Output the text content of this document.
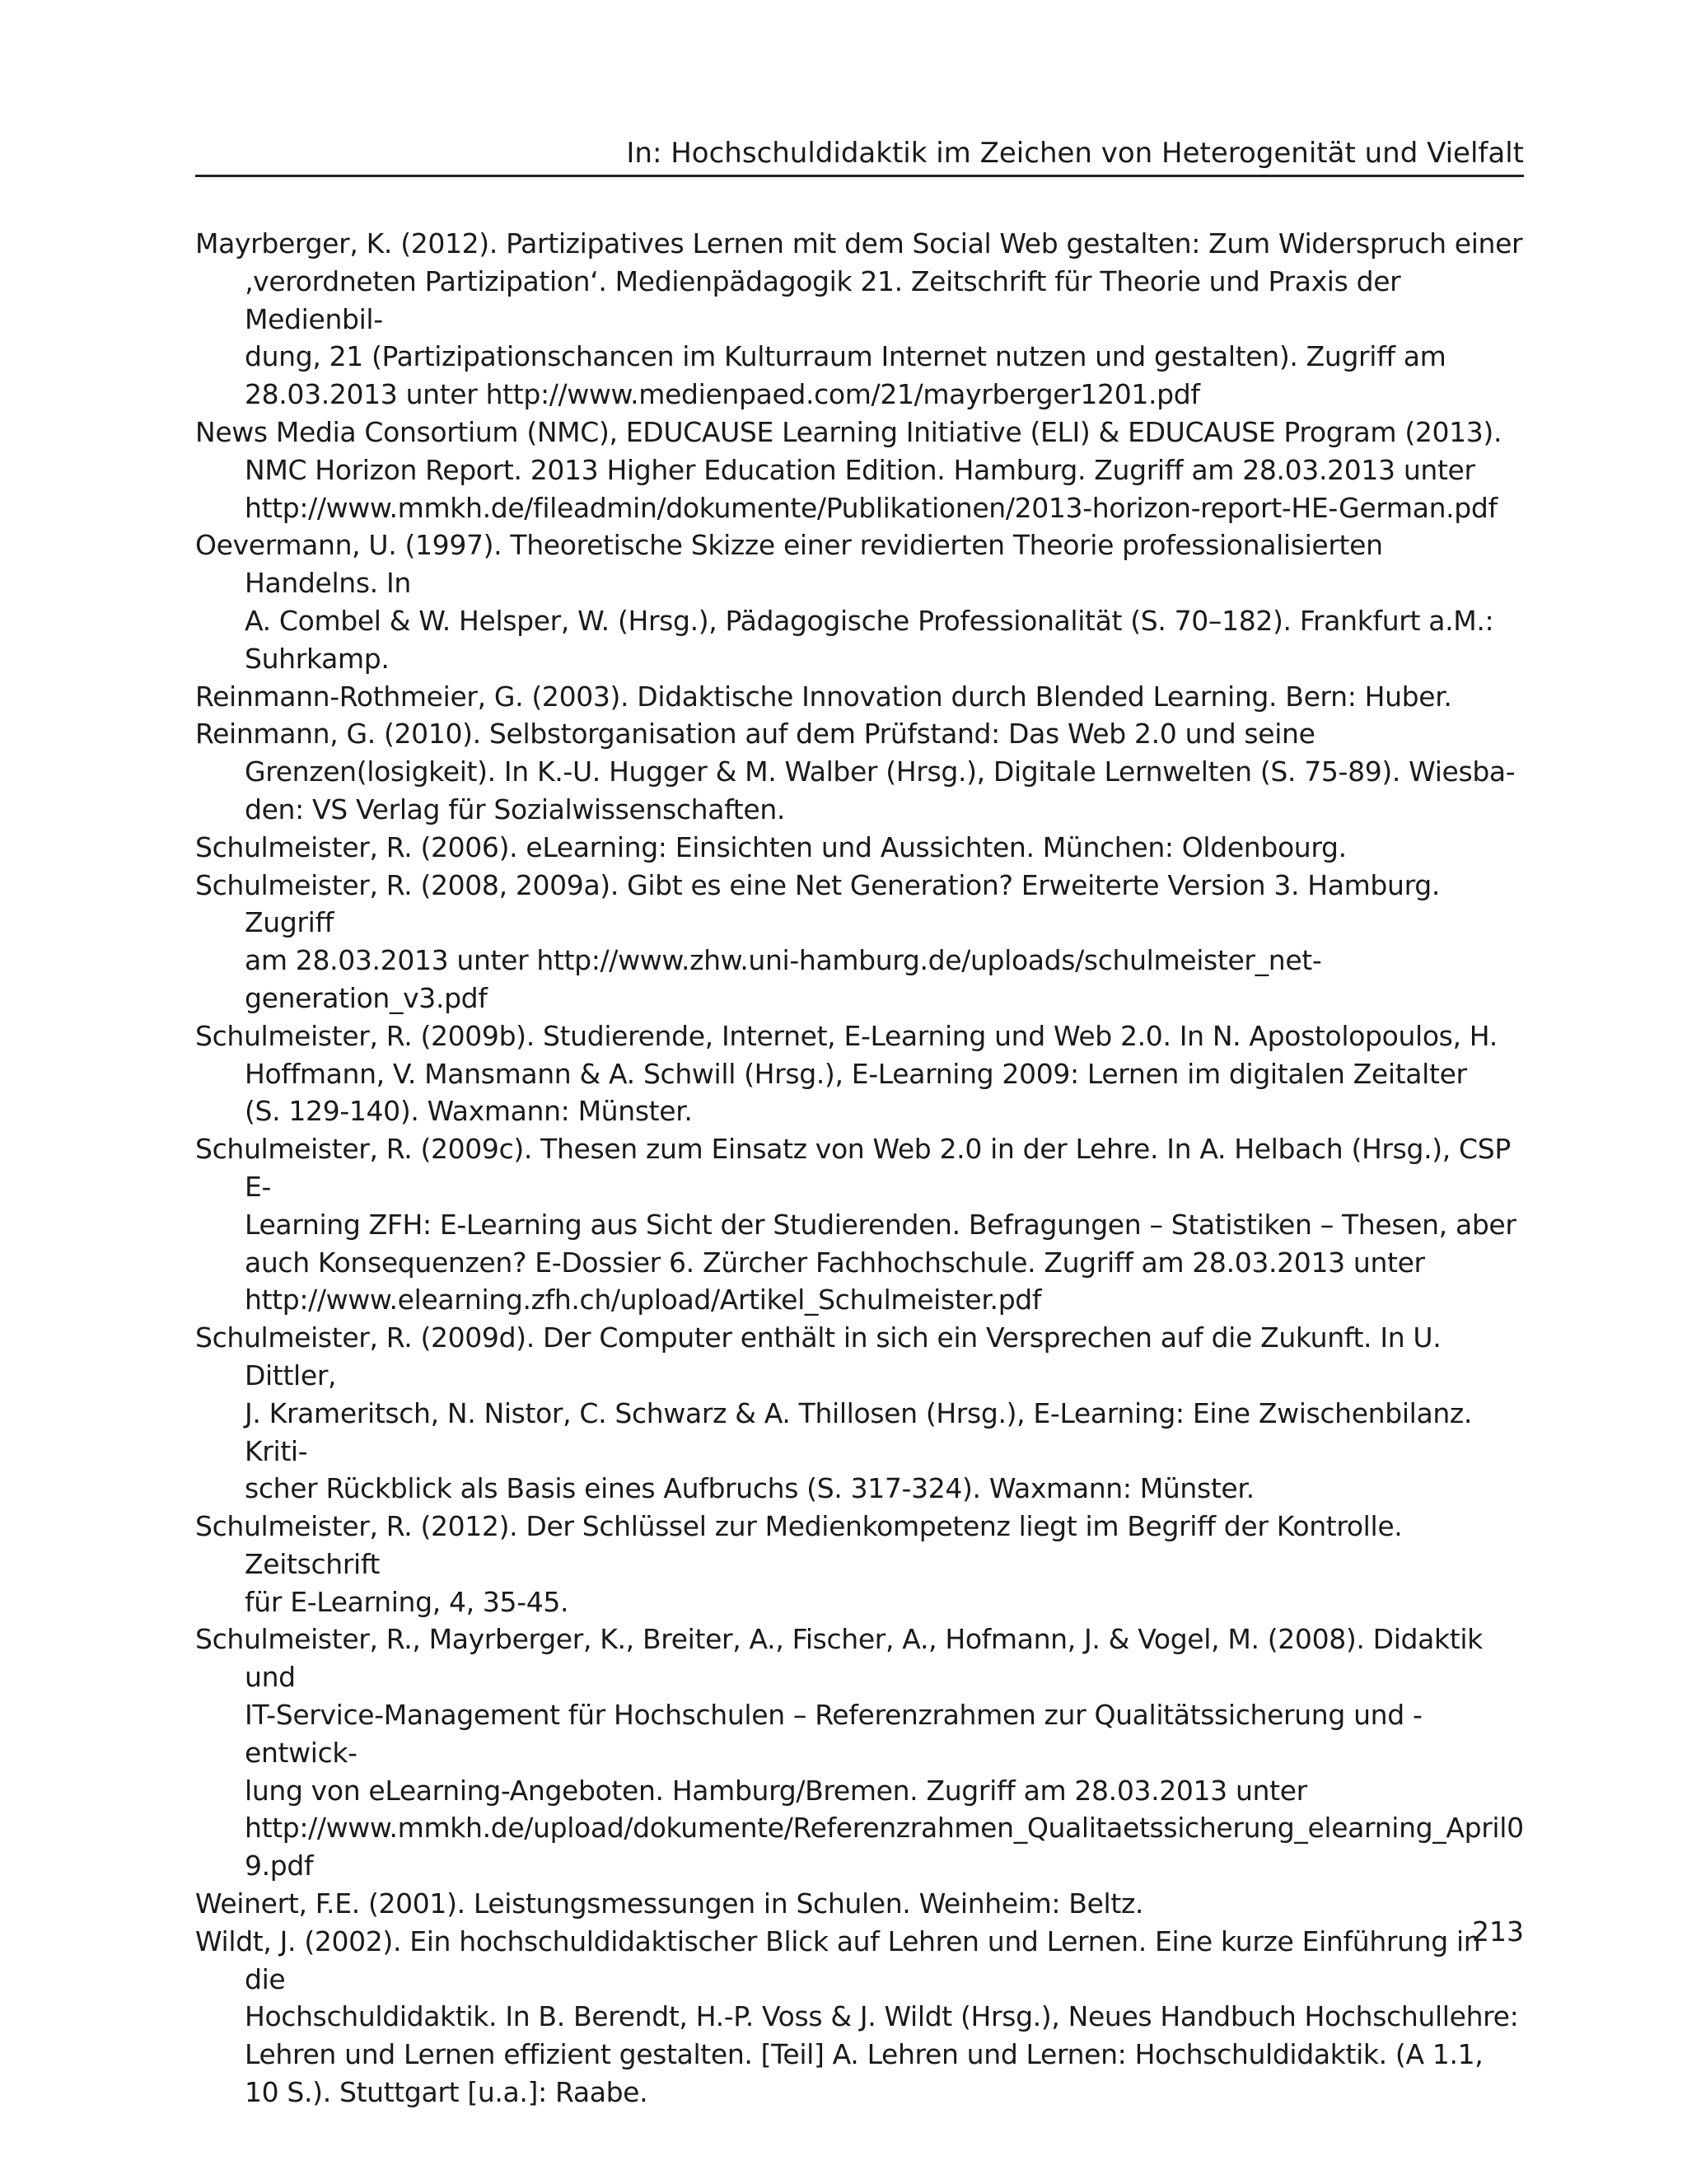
In: Hochschuldidaktik im Zeichen von Heterogenität und Vielfalt
Mayrberger, K. (2012). Partizipatives Lernen mit dem Social Web gestalten: Zum Widerspruch einer
‚verordneten Partizipation‘. Medienpädagogik 21. Zeitschrift für Theorie und Praxis der Medienbil-
dung, 21 (Partizipationschancen im Kulturraum Internet nutzen und gestalten). Zugriff am
28.03.2013 unter http://www.medienpaed.com/21/mayrberger1201.pdf
News Media Consortium (NMC), EDUCAUSE Learning Initiative (ELI) & EDUCAUSE Program (2013).
NMC Horizon Report. 2013 Higher Education Edition. Hamburg. Zugriff am 28.03.2013 unter
http://www.mmkh.de/fileadmin/dokumente/Publikationen/2013-horizon-report-HE-German.pdf
Oevermann, U. (1997). Theoretische Skizze einer revidierten Theorie professionalisierten Handelns. In
A. Combel & W. Helsper, W. (Hrsg.), Pädagogische Professionalität (S. 70–182). Frankfurt a.M.:
Suhrkamp.
Reinmann-Rothmeier, G. (2003). Didaktische Innovation durch Blended Learning. Bern: Huber.
Reinmann, G. (2010). Selbstorganisation auf dem Prüfstand: Das Web 2.0 und seine
Grenzen(losigkeit). In K.-U. Hugger & M. Walber (Hrsg.), Digitale Lernwelten (S. 75-89). Wiesba-
den: VS Verlag für Sozialwissenschaften.
Schulmeister, R. (2006). eLearning: Einsichten und Aussichten. München: Oldenbourg.
Schulmeister, R. (2008, 2009a). Gibt es eine Net Generation? Erweiterte Version 3. Hamburg. Zugriff
am 28.03.2013 unter http://www.zhw.uni-hamburg.de/uploads/schulmeister_net-
generation_v3.pdf
Schulmeister, R. (2009b). Studierende, Internet, E-Learning und Web 2.0. In N. Apostolopoulos, H.
Hoffmann, V. Mansmann & A. Schwill (Hrsg.), E-Learning 2009: Lernen im digitalen Zeitalter
(S. 129-140). Waxmann: Münster.
Schulmeister, R. (2009c). Thesen zum Einsatz von Web 2.0 in der Lehre. In A. Helbach (Hrsg.), CSP E-
Learning ZFH: E-Learning aus Sicht der Studierenden. Befragungen – Statistiken – Thesen, aber
auch Konsequenzen? E-Dossier 6. Zürcher Fachhochschule. Zugriff am 28.03.2013 unter
http://www.elearning.zfh.ch/upload/Artikel_Schulmeister.pdf
Schulmeister, R. (2009d). Der Computer enthält in sich ein Versprechen auf die Zukunft. In U. Dittler,
J. Krameritsch, N. Nistor, C. Schwarz & A. Thillosen (Hrsg.), E-Learning: Eine Zwischenbilanz. Kriti-
scher Rückblick als Basis eines Aufbruchs (S. 317-324). Waxmann: Münster.
Schulmeister, R. (2012). Der Schlüssel zur Medienkompetenz liegt im Begriff der Kontrolle. Zeitschrift
für E-Learning, 4, 35-45.
Schulmeister, R., Mayrberger, K., Breiter, A., Fischer, A., Hofmann, J. & Vogel, M. (2008). Didaktik und
IT-Service-Management für Hochschulen – Referenzrahmen zur Qualitätssicherung und -entwick-
lung von eLearning-Angeboten. Hamburg/Bremen. Zugriff am 28.03.2013 unter
http://www.mmkh.de/upload/dokumente/Referenzrahmen_Qualitaetssicherung_elearning_April0
9.pdf
Weinert, F.E. (2001). Leistungsmessungen in Schulen. Weinheim: Beltz.
Wildt, J. (2002). Ein hochschuldidaktischer Blick auf Lehren und Lernen. Eine kurze Einführung in die
Hochschuldidaktik. In B. Berendt, H.-P. Voss & J. Wildt (Hrsg.), Neues Handbuch Hochschullehre:
Lehren und Lernen effizient gestalten. [Teil] A. Lehren und Lernen: Hochschuldidaktik. (A 1.1,
10 S.). Stuttgart [u.a.]: Raabe.
213
